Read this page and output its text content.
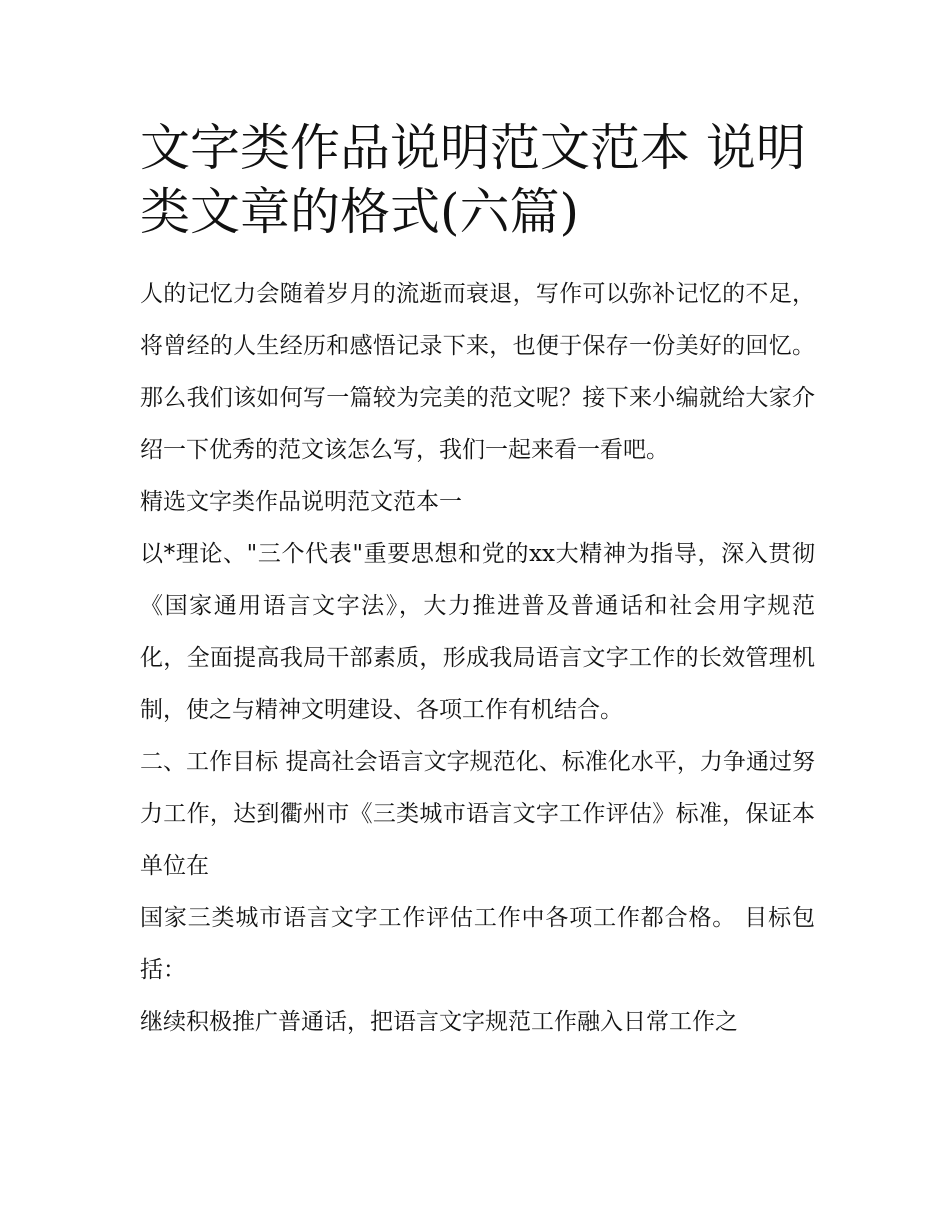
文字类作品说明范文范本 说明类文章的格式(六篇)

人的记忆力会随着岁月的流逝而衰退，写作可以弥补记忆的不足，将曾经的人生经历和感悟记录下来，也便于保存一份美好的回忆。那么我们该如何写一篇较为完美的范文呢？接下来小编就给大家介绍一下优秀的范文该怎么写，我们一起来看一看吧。

精选文字类作品说明范文范本一

以*理论、"三个代表"重要思想和党的xx大精神为指导，深入贯彻《国家通用语言文字法》，大力推进普及普通话和社会用字规范化，全面提高我局干部素质，形成我局语言文字工作的长效管理机制，使之与精神文明建设、各项工作有机结合。

二、工作目标 提高社会语言文字规范化、标准化水平，力争通过努力工作，达到衢州市《三类城市语言文字工作评估》标准，保证本单位在

国家三类城市语言文字工作评估工作中各项工作都合格。 目标包括：

继续积极推广普通话，把语言文字规范工作融入日常工作之
